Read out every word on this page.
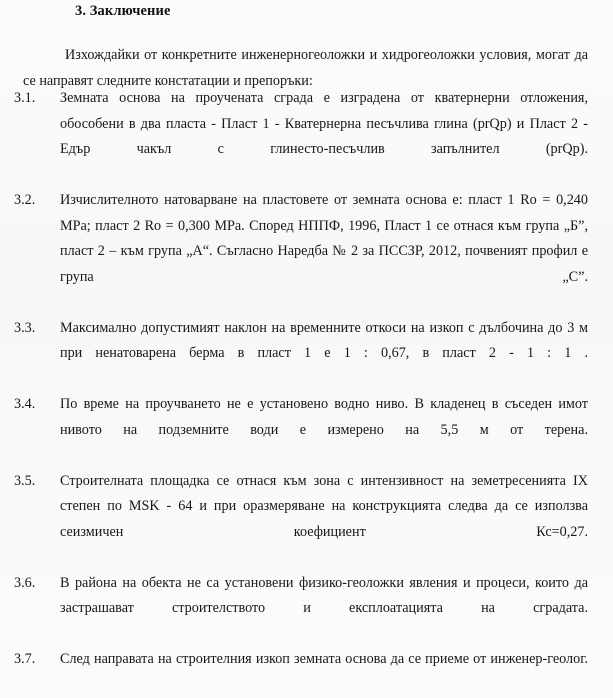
3. Заключение

Изхождайки от конкретните инженерногеоложки и хидрогеоложки условия, могат да се направят следните констатации и препоръки:

3.1.	Земната основа на проучената сграда е изградена от кватернерни отложения, обособени в два пласта - Пласт 1 - Кватернерна песъчлива глина (prQp) и Пласт 2 - Едър чакъл с глинесто-песъчлив запълнител (prQp).
3.2.	Изчислителното натоварване на пластовете от земната основа е: пласт 1 Ro = 0,240 MPa; пласт 2 Ro = 0,300 MPa. Според НППФ, 1996, Пласт 1 се отнася към група „Б”, пласт 2 – към група „А“. Съгласно Наредба № 2 за ПССЗР, 2012, почвеният профил е група „С”.
3.3.	Максимално допустимият наклон на временните откоси на изкоп с дълбочина до 3 м при ненатоварена берма в пласт 1 е 1 : 0,67, в пласт 2 - 1 : 1 .
3.4.	По време на проучването не е установено водно ниво. В кладенец в съседен имот нивото на подземните води е измерено на 5,5 м от терена.
3.5.	Строителната площадка се отнася към зона с интензивност на земетресенията IX степен по MSK - 64 и при оразмеряване на конструкцията следва да се използва сеизмичен коефициент Кс=0,27.
3.6.	В района на обекта не са установени физико-геоложки явления и процеси, които да застрашават строителството и експлоатацията на сградата.
3.7.	След направата на строителния изкоп земната основа да се приеме от инженер-геолог.
